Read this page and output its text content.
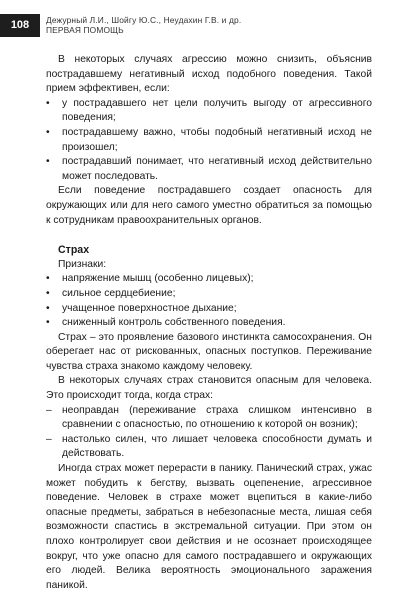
108	Дежурный Л.И., Шойгу Ю.С., Неудахин Г.В. и др.
ПЕРВАЯ ПОМОЩЬ

В некоторых случаях агрессию можно снизить, объяснив пострадавшему негативный исход подобного поведения. Такой прием эффективен, если:

• у пострадавшего нет цели получить выгоду от агрессивного поведения;
• пострадавшему важно, чтобы подобный негативный исход не произошел;
• пострадавший понимает, что негативный исход действительно может последовать.

Если поведение пострадавшего создает опасность для окружающих или для него самого уместно обратиться за помощью к сотрудникам правоохранительных органов.

Страх

Признаки:

• напряжение мышц (особенно лицевых);
• сильное сердцебиение;
• учащенное поверхностное дыхание;
• сниженный контроль собственного поведения.

Страх – это проявление базового инстинкта самосохранения. Он оберегает нас от рискованных, опасных поступков. Переживание чувства страха знакомо каждому человеку.

В некоторых случаях страх становится опасным для человека. Это происходит тогда, когда страх:

– неоправдан (переживание страха слишком интенсивно в сравнении с опасностью, по отношению к которой он возник);
– настолько силен, что лишает человека способности думать и действовать.

Иногда страх может перерасти в панику. Панический страх, ужас может побудить к бегству, вызвать оцепенение, агрессивное поведение. Человек в страхе может вцепиться в какие-либо опасные предметы, забраться в небезопасные места, лишая себя возможности спастись в экстремальной ситуации. При этом он плохо контролирует свои действия и не осознает происходящее вокруг, что уже опасно для самого пострадавшего и окружающих его людей. Велика вероятность эмоционального заражения паникой.
